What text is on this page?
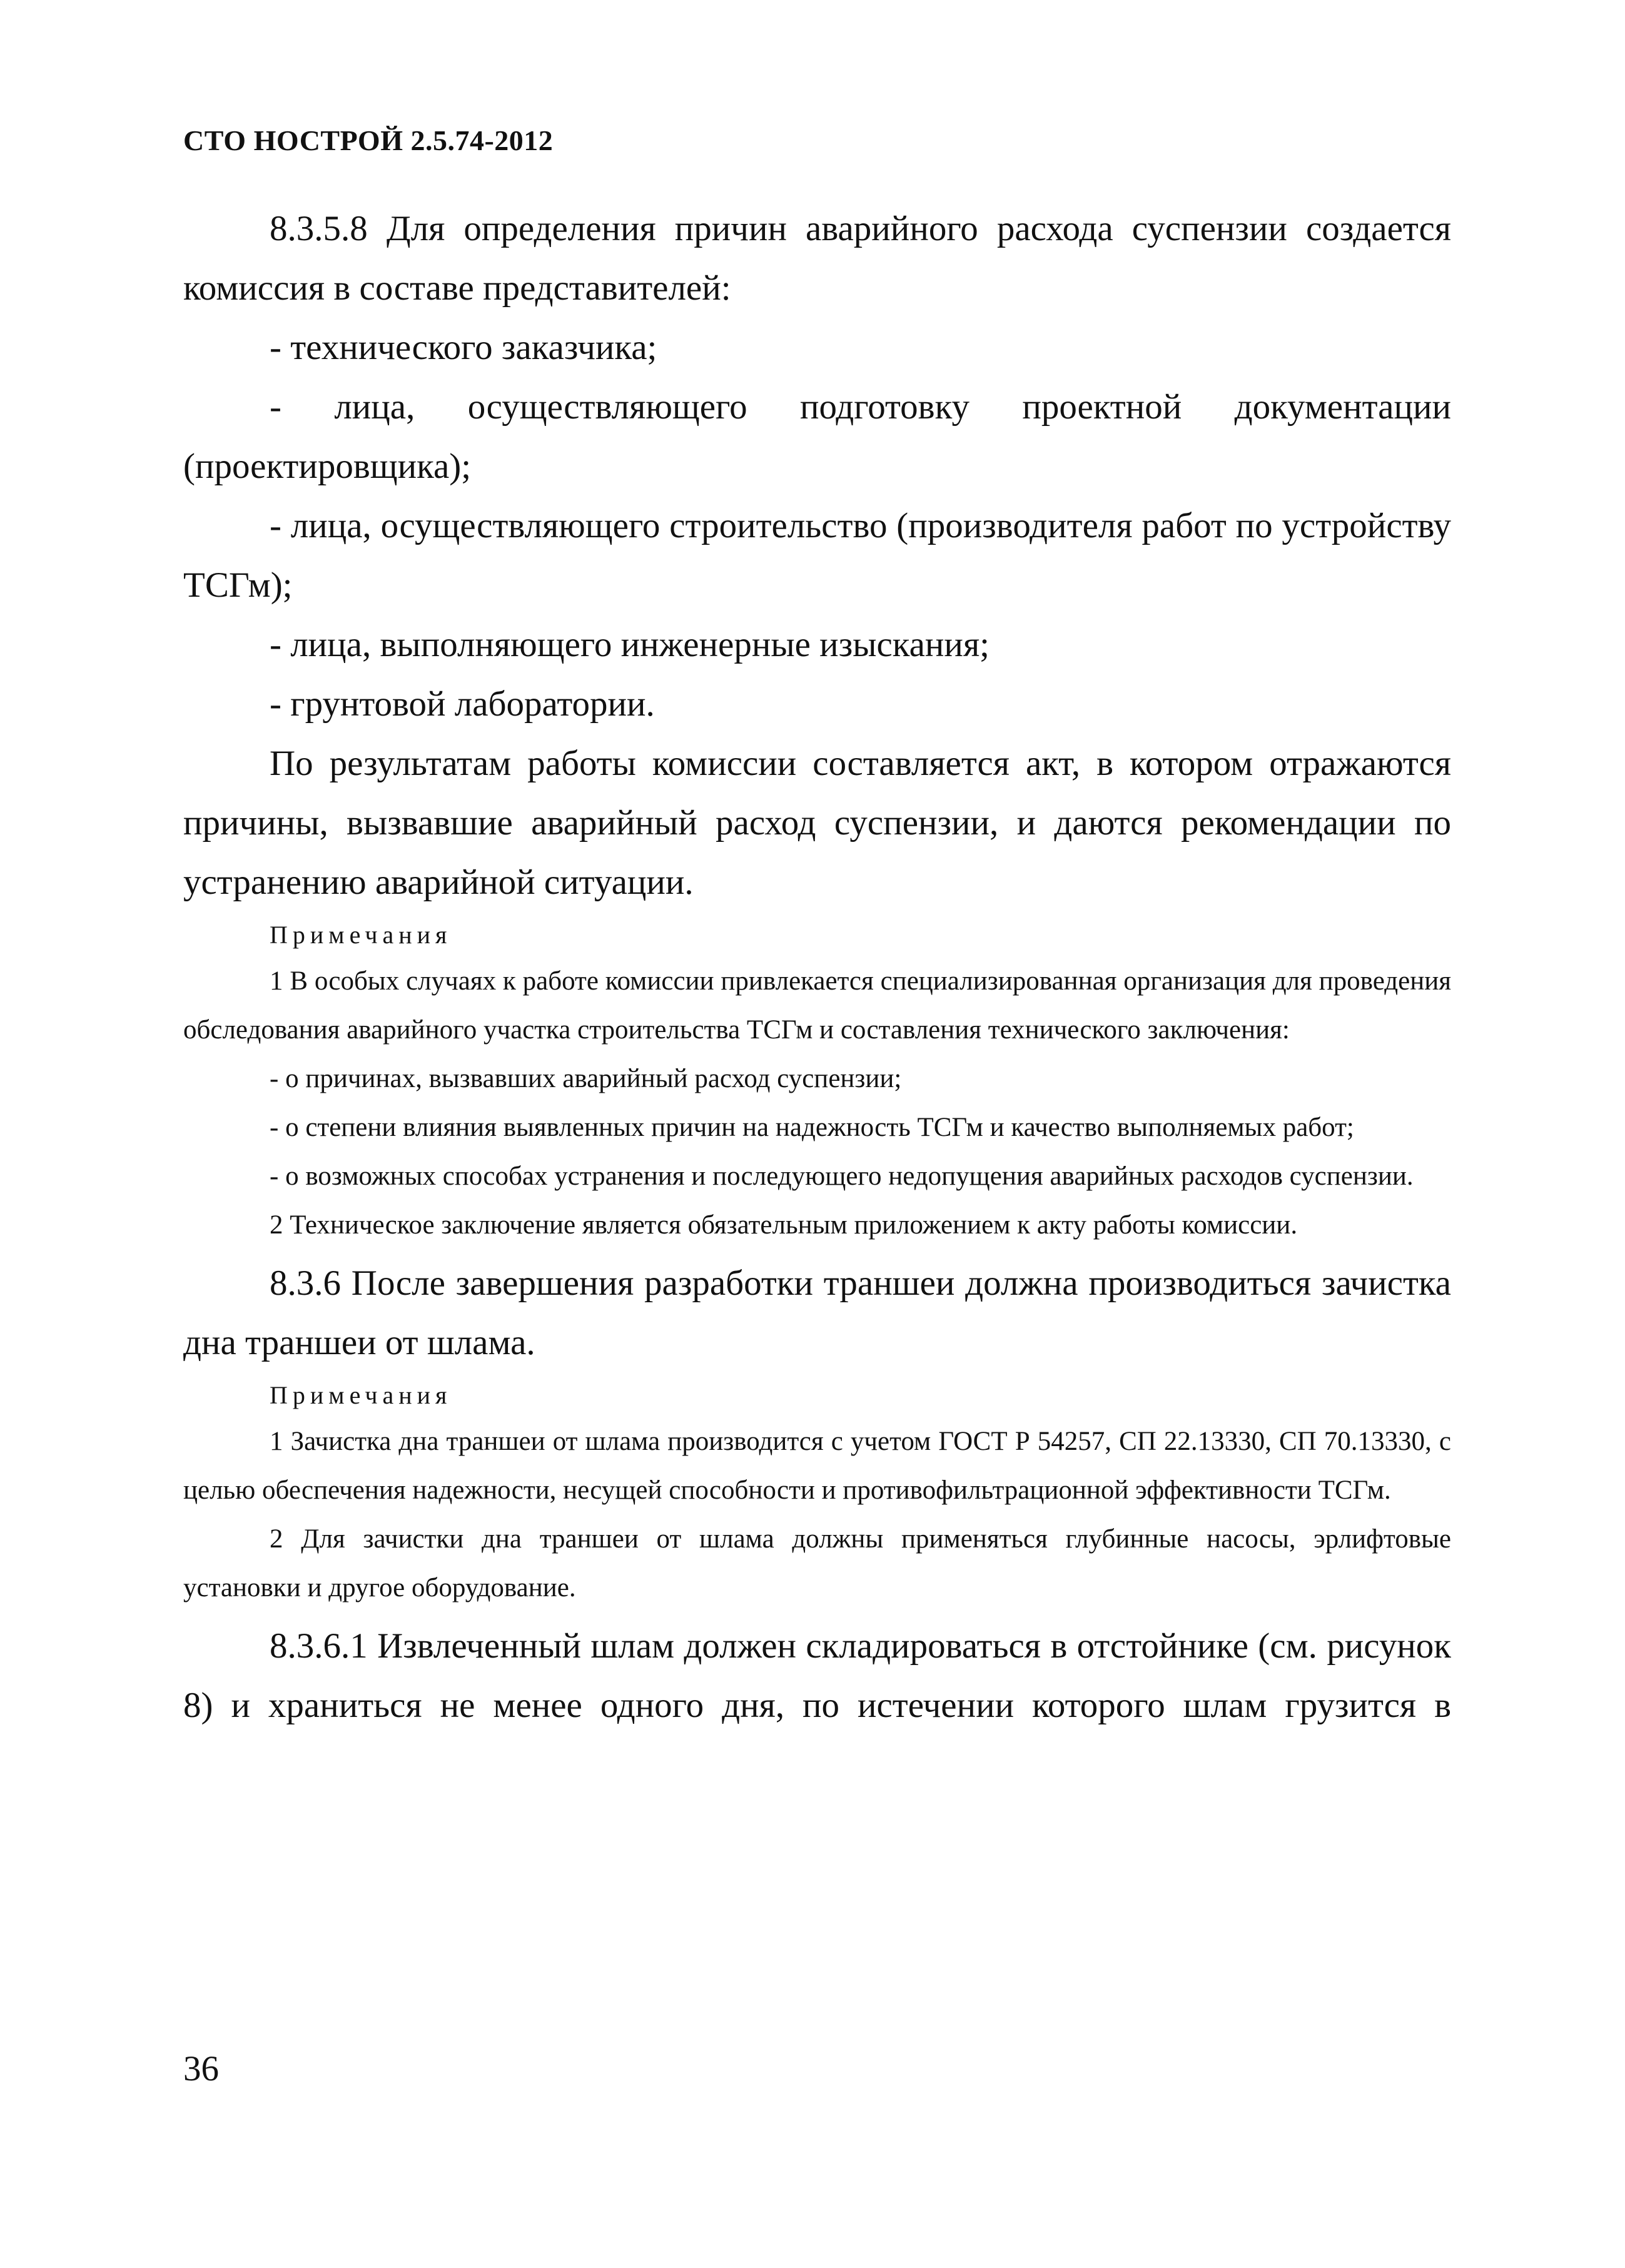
СТО НОСТРОЙ 2.5.74-2012

8.3.5.8 Для определения причин аварийного расхода суспензии создается комиссия в составе представителей:

- технического заказчика;

- лица, осуществляющего подготовку проектной документации (проектировщика);

- лица, осуществляющего строительство (производителя работ по устройству ТСГм);

- лица, выполняющего инженерные изыскания;

- грунтовой лаборатории.

По результатам работы комиссии составляется акт, в котором отражаются причины, вызвавшие аварийный расход суспензии, и даются рекомендации по устранению аварийной ситуации.

Примечания

1 В особых случаях к работе комиссии привлекается специализированная организация для проведения обследования аварийного участка строительства ТСГм и составления технического заключения:

- о причинах, вызвавших аварийный расход суспензии;

- о степени влияния выявленных причин на надежность ТСГм и качество выполняемых работ;

- о возможных способах устранения и последующего недопущения аварийных расходов суспензии.

2 Техническое заключение является обязательным приложением к акту работы комиссии.

8.3.6 После завершения разработки траншеи должна производиться зачистка дна траншеи от шлама.

Примечания

1 Зачистка дна траншеи от шлама производится с учетом ГОСТ Р 54257, СП 22.13330, СП 70.13330, с целью обеспечения надежности, несущей способности и противофильтрационной эффективности ТСГм.

2 Для зачистки дна траншеи от шлама должны применяться глубинные насосы, эрлифтовые установки и другое оборудование.

8.3.6.1 Извлеченный шлам должен складироваться в отстойнике (см. рисунок 8) и храниться не менее одного дня, по истечении которого шлам грузится в

36
